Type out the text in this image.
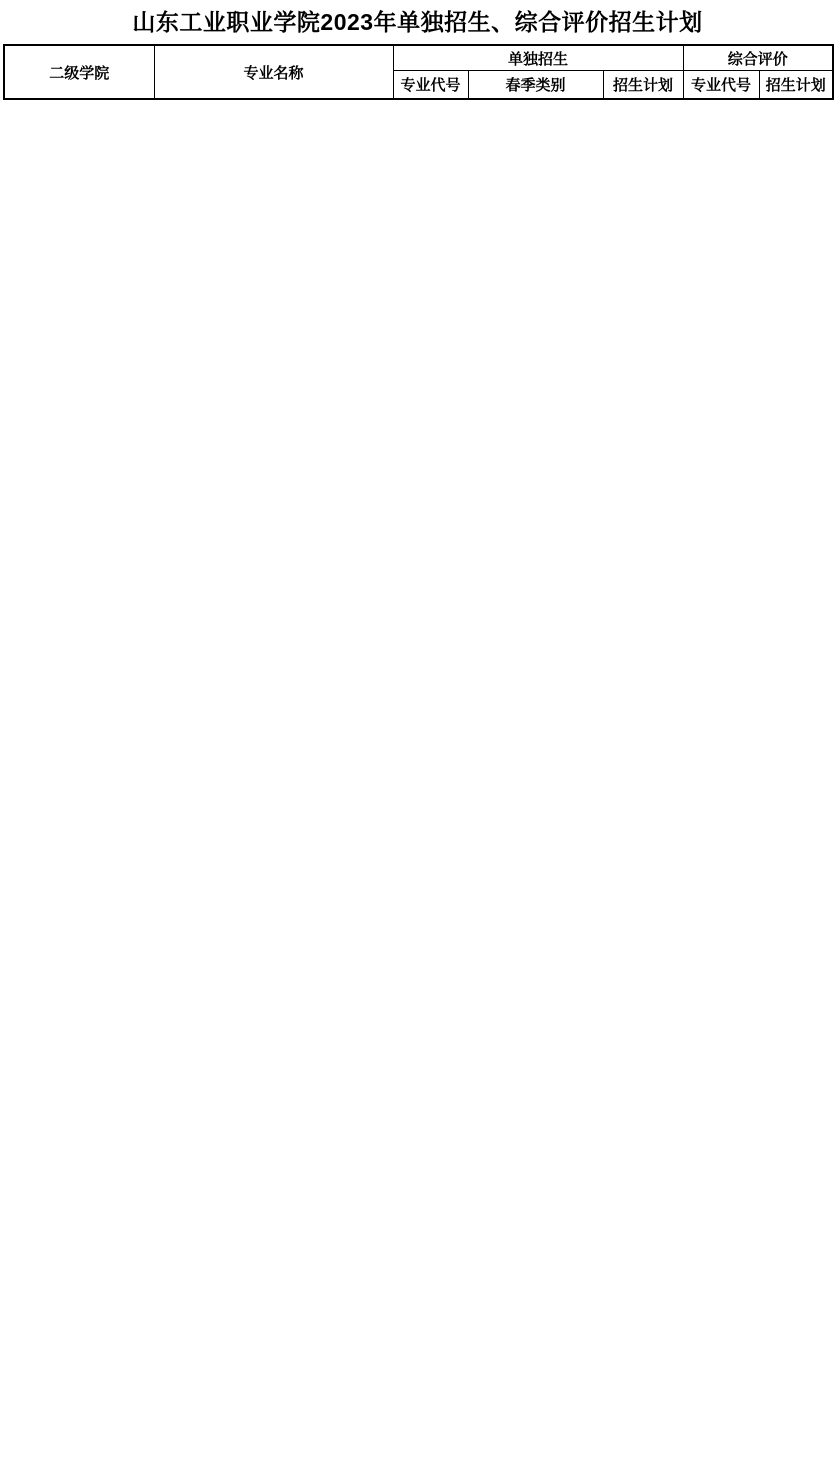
山东工业职业学院2023年单独招生、综合评价招生计划
二级学院	专业名称	单独招生			综合评价	
		专业代号	春季类别	招生计划	专业代号	招生计划
